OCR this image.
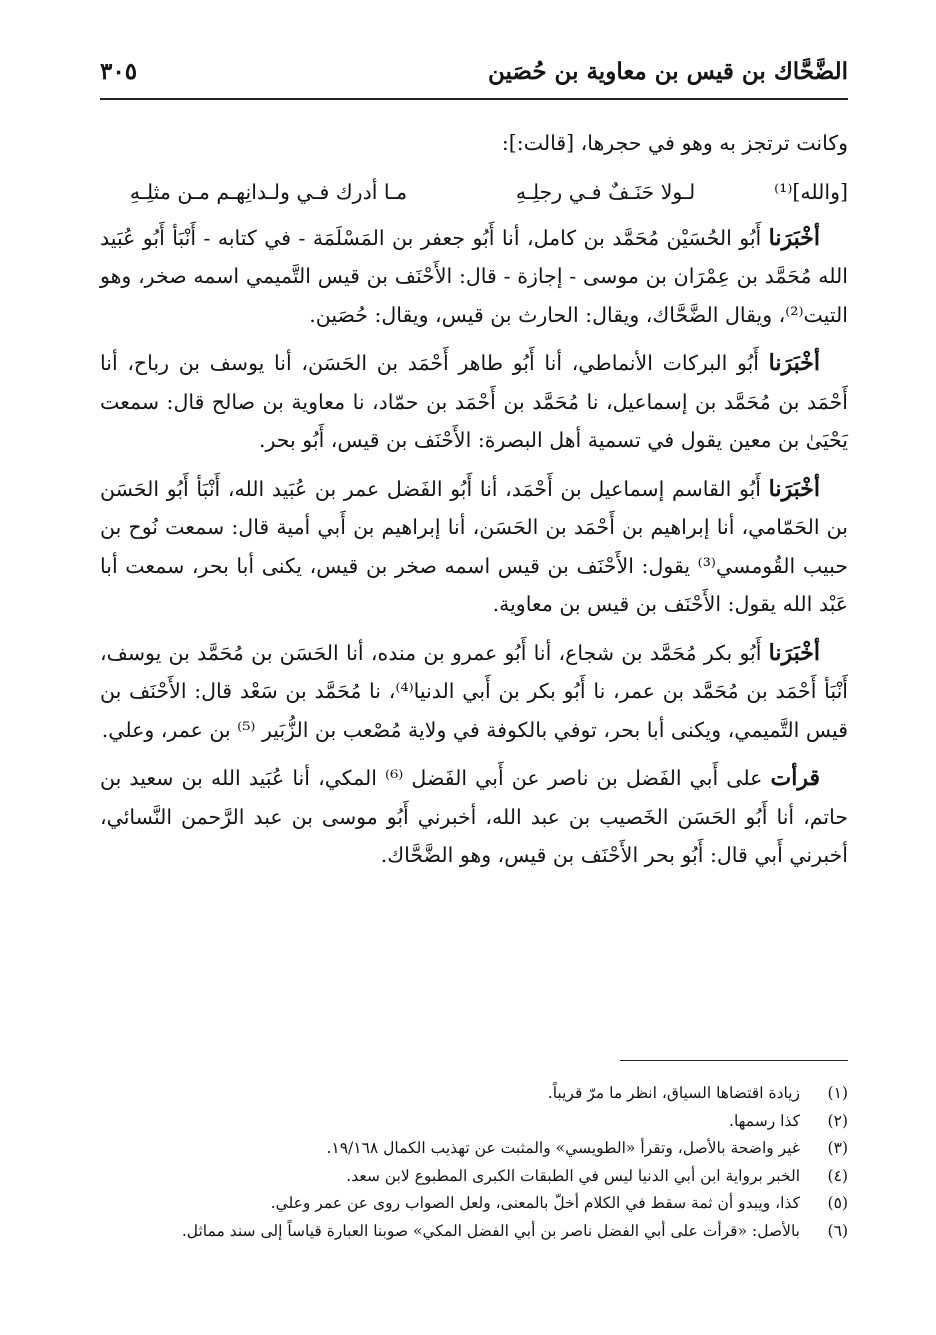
الضَّحَّاك بن قيس بن معاوية بن حُصَين
٣٠٥

وكانت ترتجز به وهو في حجرها، [قالت:]:

[والله]⁽¹⁾
لـولا حَنَـفٌ فـي رجلِـهِ
مـا أدرك فـي ولـدانِهـم مـن مثلِـهِ

أخْبَرَنا أَبُو الحُسَيْن مُحَمَّد بن كامل، أنا أَبُو جعفر بن المَسْلَمَة - في كتابه - أَنْبَأ أَبُو عُبَيد الله مُحَمَّد بن عِمْرَان بن موسى - إجازة - قال: الأَحْنَف بن قيس التَّميمي اسمه صخر، وهو التيت⁽²⁾، ويقال الضَّحَّاك، ويقال: الحارث بن قيس، ويقال: حُصَين.

أخْبَرَنا أَبُو البركات الأنماطي، أنا أَبُو طاهر أَحْمَد بن الحَسَن، أنا يوسف بن رباح، أنا أَحْمَد بن مُحَمَّد بن إسماعيل، نا مُحَمَّد بن أَحْمَد بن حمّاد، نا معاوية بن صالح قال: سمعت يَحْيَىٰ بن معين يقول في تسمية أهل البصرة: الأَحْنَف بن قيس، أَبُو بحر.

أخْبَرَنا أَبُو القاسم إسماعيل بن أَحْمَد، أنا أَبُو الفَضل عمر بن عُبَيد الله، أَنْبَأ أَبُو الحَسَن بن الحَمّامي، أنا إبراهيم بن أَحْمَد بن الحَسَن، أنا إبراهيم بن أَبي أمية قال: سمعت نُوح بن حبيب القُومسي⁽³⁾ يقول: الأَحْنَف بن قيس اسمه صخر بن قيس، يكنى أبا بحر، سمعت أبا عَبْد الله يقول: الأَحْنَف بن قيس بن معاوية.

أخْبَرَنا أَبُو بكر مُحَمَّد بن شجاع، أنا أَبُو عمرو بن منده، أنا الحَسَن بن مُحَمَّد بن يوسف، أَنْبَأ أَحْمَد بن مُحَمَّد بن عمر، نا أَبُو بكر بن أَبي الدنيا⁽⁴⁾، نا مُحَمَّد بن سَعْد قال: الأَحْنَف بن قيس التَّميمي، ويكنى أبا بحر، توفي بالكوفة في ولاية مُصْعب بن الزُّبَير ⁽⁵⁾ بن عمر، وعلي.

قرأت على أَبي الفَضل بن ناصر عن أَبي الفَضل ⁽⁶⁾ المكي، أنا عُبَيد الله بن سعيد بن حاتم، أنا أَبُو الحَسَن الخَصيب بن عبد الله، أخبرني أَبُو موسى بن عبد الرَّحمن النَّسائي، أخبرني أَبي قال: أَبُو بحر الأَحْنَف بن قيس، وهو الضَّحَّاك.

(١)
زيادة اقتضاها السياق، انظر ما مرّ قريباً.
(٢)
كذا رسمها.
(٣)
غير واضحة بالأصل، وتقرأ «الطويسي» والمثبت عن تهذيب الكمال ١٩/١٦٨.
(٤)
الخبر برواية ابن أبي الدنيا ليس في الطبقات الكبرى المطبوع لابن سعد.
(٥)
كذا، ويبدو أن ثمة سقط في الكلام أخلّ بالمعنى، ولعل الصواب روى عن عمر وعلي.
(٦)
بالأصل: «قرأت على أبي الفضل ناصر بن أبي الفضل المكي» صوبنا العبارة قياساً إلى سند مماثل.
